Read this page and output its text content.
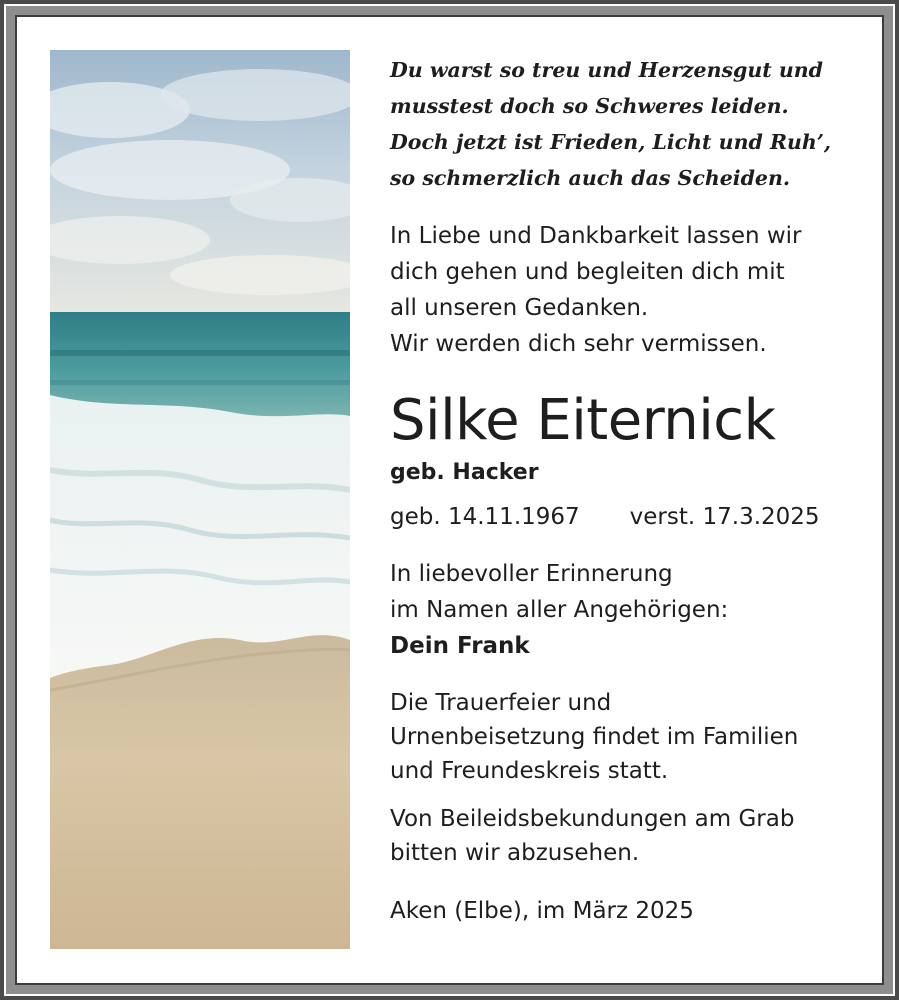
Du warst so treu und Herzensgut und
musstest doch so Schweres leiden.
Doch jetzt ist Frieden, Licht und Ruh’,
so schmerzlich auch das Scheiden.
In Liebe und Dankbarkeit lassen wir
dich gehen und begleiten dich mit
all unseren Gedanken.
Wir werden dich sehr vermissen.
Silke Eiternick
geb. Hacker
geb. 14.11.1967 verst. 17.3.2025
In liebevoller Erinnerung
im Namen aller Angehörigen:
Dein Frank
Die Trauerfeier und
Urnenbeisetzung findet im Familien
und Freundeskreis statt.
Von Beileidsbekundungen am Grab
bitten wir abzusehen.
Aken (Elbe), im März 2025
